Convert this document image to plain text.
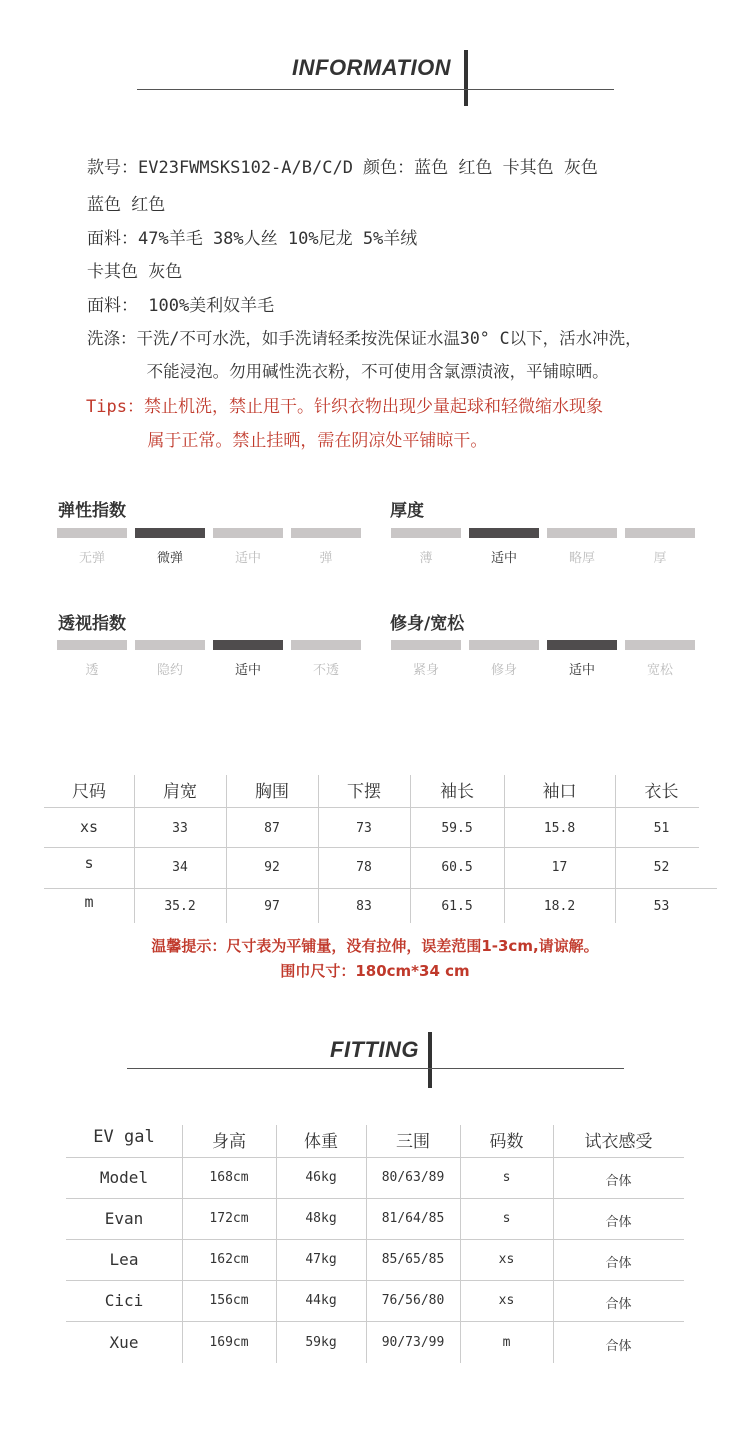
INFORMATION
款号：EV23FWMSKS102-A/B/C/D 颜色：蓝色 红色 卡其色 灰色
蓝色 红色
面料：47%羊毛 38%人丝 10%尼龙 5%羊绒
卡其色 灰色
面料： 100%美利奴羊毛
洗涤：干洗/不可水洗，如手洗请轻柔按洗保证水温30° C以下，活水冲洗，
不能浸泡。勿用碱性洗衣粉，不可使用含氯漂渍液，平铺晾晒。
Tips：禁止机洗，禁止甩干。针织衣物出现少量起球和轻微缩水现象
属于正常。禁止挂晒，需在阴凉处平铺晾干。
弹性指数	厚度
透视指数	修身/宽松
无弹	微弹	适中	弹	薄	适中	略厚	厚
透	隐约	适中	不透	紧身	修身	适中	宽松
尺码	肩宽	胸围	下摆	袖长	袖口	衣长
xs	33	87	73	59.5	15.8	51
s	34	92	78	60.5	17	52
m	35.2	97	83	61.5	18.2	53
温馨提示：尺寸表为平铺量，没有拉伸，误差范围1-3cm,请谅解。
围巾尺寸：180cm*34 cm
FITTING
EV gal	身高	体重	三围	码数	试衣感受
Model	168cm	46kg	80/63/89	s	合体
Evan	172cm	48kg	81/64/85	s	合体
Lea	162cm	47kg	85/65/85	xs	合体
Cici	156cm	44kg	76/56/80	xs	合体
Xue	169cm	59kg	90/73/99	m	合体
